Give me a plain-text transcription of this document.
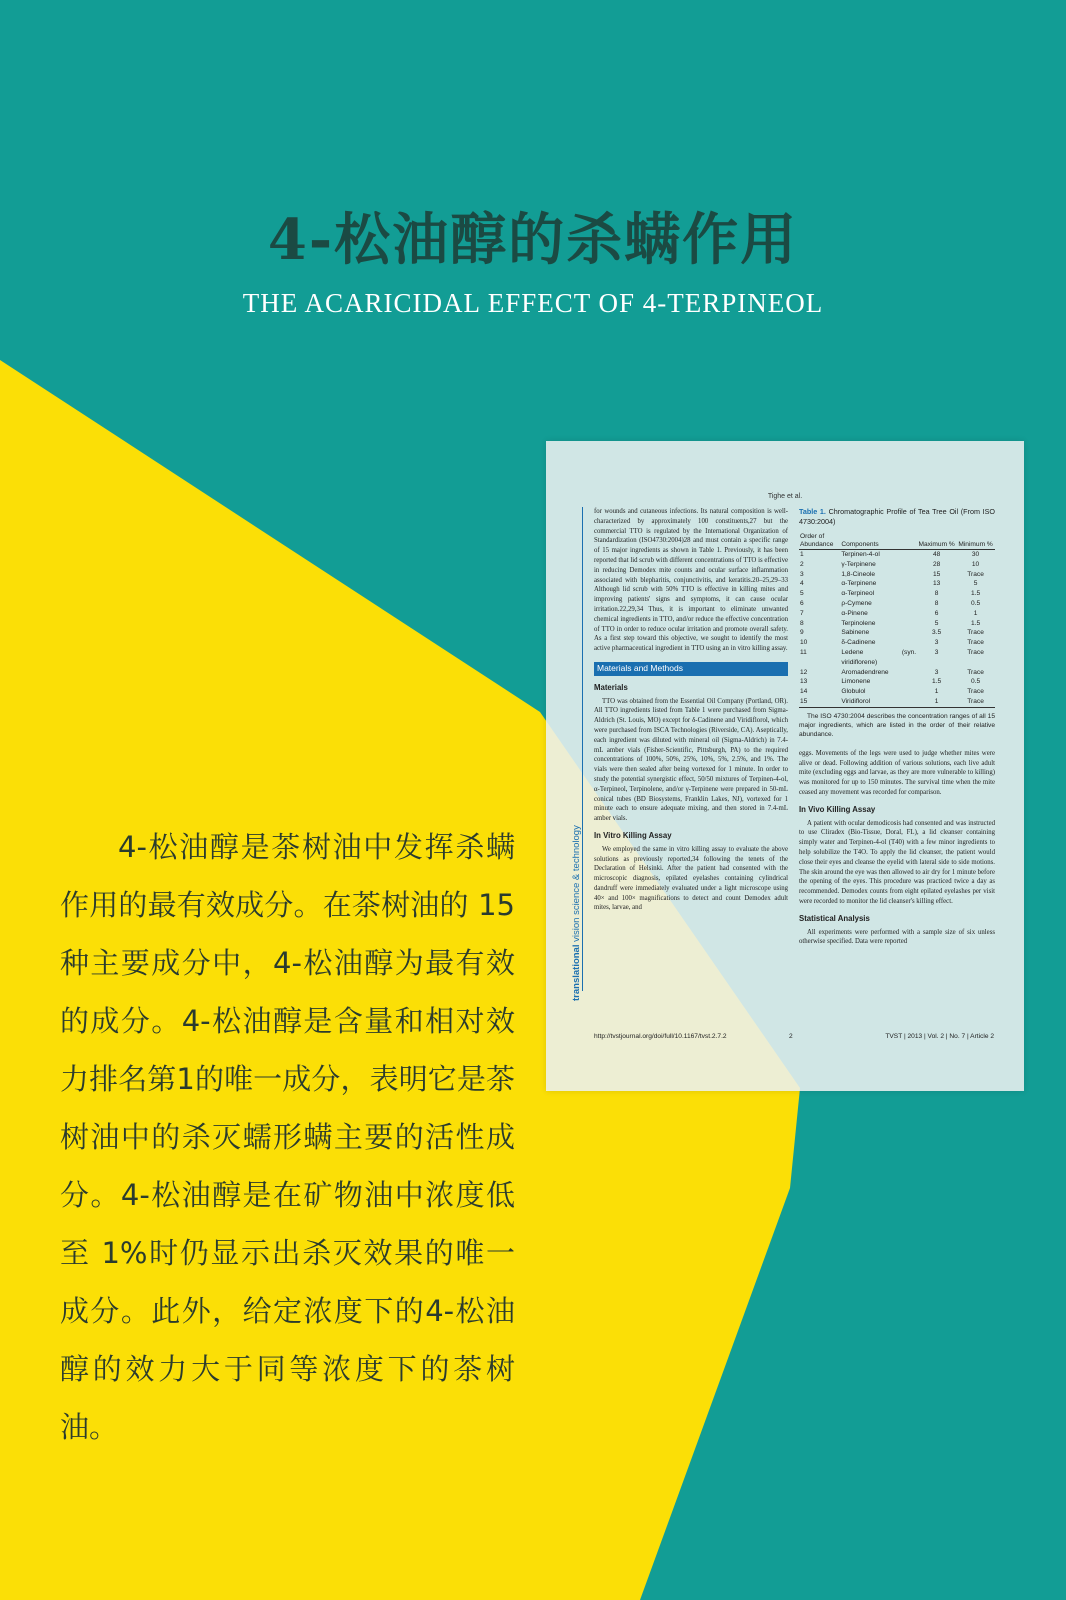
4-松油醇的杀螨作用
THE ACARICIDAL EFFECT OF 4-TERPINEOL
Tighe et al.
translational vision science & technology
for wounds and cutaneous infections. Its natural composition is well-characterized by approximately 100 constituents,27 but the commercial TTO is regulated by the International Organization of Standardization (ISO4730:2004)28 and must contain a specific range of 15 major ingredients as shown in Table 1. Previously, it has been reported that lid scrub with different concentrations of TTO is effective in reducing Demodex mite counts and ocular surface inflammation associated with blepharitis, conjunctivitis, and keratitis.20–25,29–33 Although lid scrub with 50% TTO is effective in killing mites and improving patients' signs and symptoms, it can cause ocular irritation.22,29,34 Thus, it is important to eliminate unwanted chemical ingredients in TTO, and/or reduce the effective concentration of TTO in order to reduce ocular irritation and promote overall safety. As a first step toward this objective, we sought to identify the most active pharmaceutical ingredient in TTO using an in vitro killing assay.
Materials and Methods
Materials
TTO was obtained from the Essential Oil Company (Portland, OR). All TTO ingredients listed from Table 1 were purchased from Sigma-Aldrich (St. Louis, MO) except for δ-Cadinene and Viridiflorol, which were purchased from ISCA Technologies (Riverside, CA). Aseptically, each ingredient was diluted with mineral oil (Sigma-Aldrich) in 7.4-mL amber vials (Fisher-Scientific, Pittsburgh, PA) to the required concentrations of 100%, 50%, 25%, 10%, 5%, 2.5%, and 1%. The vials were then sealed after being vortexed for 1 minute. In order to study the potential synergistic effect, 50/50 mixtures of Terpinen-4-ol, α-Terpineol, Terpinolene, and/or γ-Terpinene were prepared in 50-mL conical tubes (BD Biosystems, Franklin Lakes, NJ), vortexed for 1 minute each to ensure adequate mixing, and then stored in 7.4-mL amber vials.
In Vitro Killing Assay
We employed the same in vitro killing assay to evaluate the above solutions as previously reported,34 following the tenets of the Declaration of Helsinki. After the patient had consented with the microscopic diagnosis, epilated eyelashes containing cylindrical dandruff were immediately evaluated under a light microscope using 40× and 100× magnifications to detect and count Demodex adult mites, larvae, and
Table 1. Chromatographic Profile of Tea Tree Oil (From ISO 4730:2004)
Order of Abundance	Components	Maximum %	Minimum %
1	Terpinen-4-ol	48	30
2	γ-Terpinene	28	10
3	1,8-Cineole	15	Trace
4	α-Terpinene	13	5
5	α-Terpineol	8	1.5
6	ρ-Cymene	8	0.5
7	α-Pinene	6	1
8	Terpinolene	5	1.5
9	Sabinene	3.5	Trace
10	δ-Cadinene	3	Trace
11	Ledene (syn. viridiflorene)	3	Trace
12	Aromadendrene	3	Trace
13	Limonene	1.5	0.5
14	Globulol	1	Trace
15	Viridiflorol	1	Trace
The ISO 4730:2004 describes the concentration ranges of all 15 major ingredients, which are listed in the order of their relative abundance.
eggs. Movements of the legs were used to judge whether mites were alive or dead. Following addition of various solutions, each live adult mite (excluding eggs and larvae, as they are more vulnerable to killing) was monitored for up to 150 minutes. The survival time when the mite ceased any movement was recorded for comparison.
In Vivo Killing Assay
A patient with ocular demodicosis had consented and was instructed to use Cliradex (Bio-Tissue, Doral, FL), a lid cleanser containing simply water and Terpinen-4-ol (T40) with a few minor ingredients to help solubilize the T4O. To apply the lid cleanser, the patient would close their eyes and cleanse the eyelid with lateral side to side motions. The skin around the eye was then allowed to air dry for 1 minute before the opening of the eyes. This procedure was practiced twice a day as recommended. Demodex counts from eight epilated eyelashes per visit were recorded to monitor the lid cleanser's killing effect.
Statistical Analysis
All experiments were performed with a sample size of six unless otherwise specified. Data were reported
http://tvstjournal.org/doi/full/10.1167/tvst.2.7.2	2	TVST | 2013 | Vol. 2 | No. 7 | Article 2
4-松油醇是茶树油中发挥杀螨作用的最有效成分。在茶树油的 15 种主要成分中，4-松油醇为最有效的成分。4-松油醇是含量和相对效力排名第1的唯一成分，表明它是茶树油中的杀灭蠕形螨主要的活性成分。4-松油醇是在矿物油中浓度低至 1%时仍显示出杀灭效果的唯一成分。此外，给定浓度下的4-松油醇的效力大于同等浓度下的茶树油。
